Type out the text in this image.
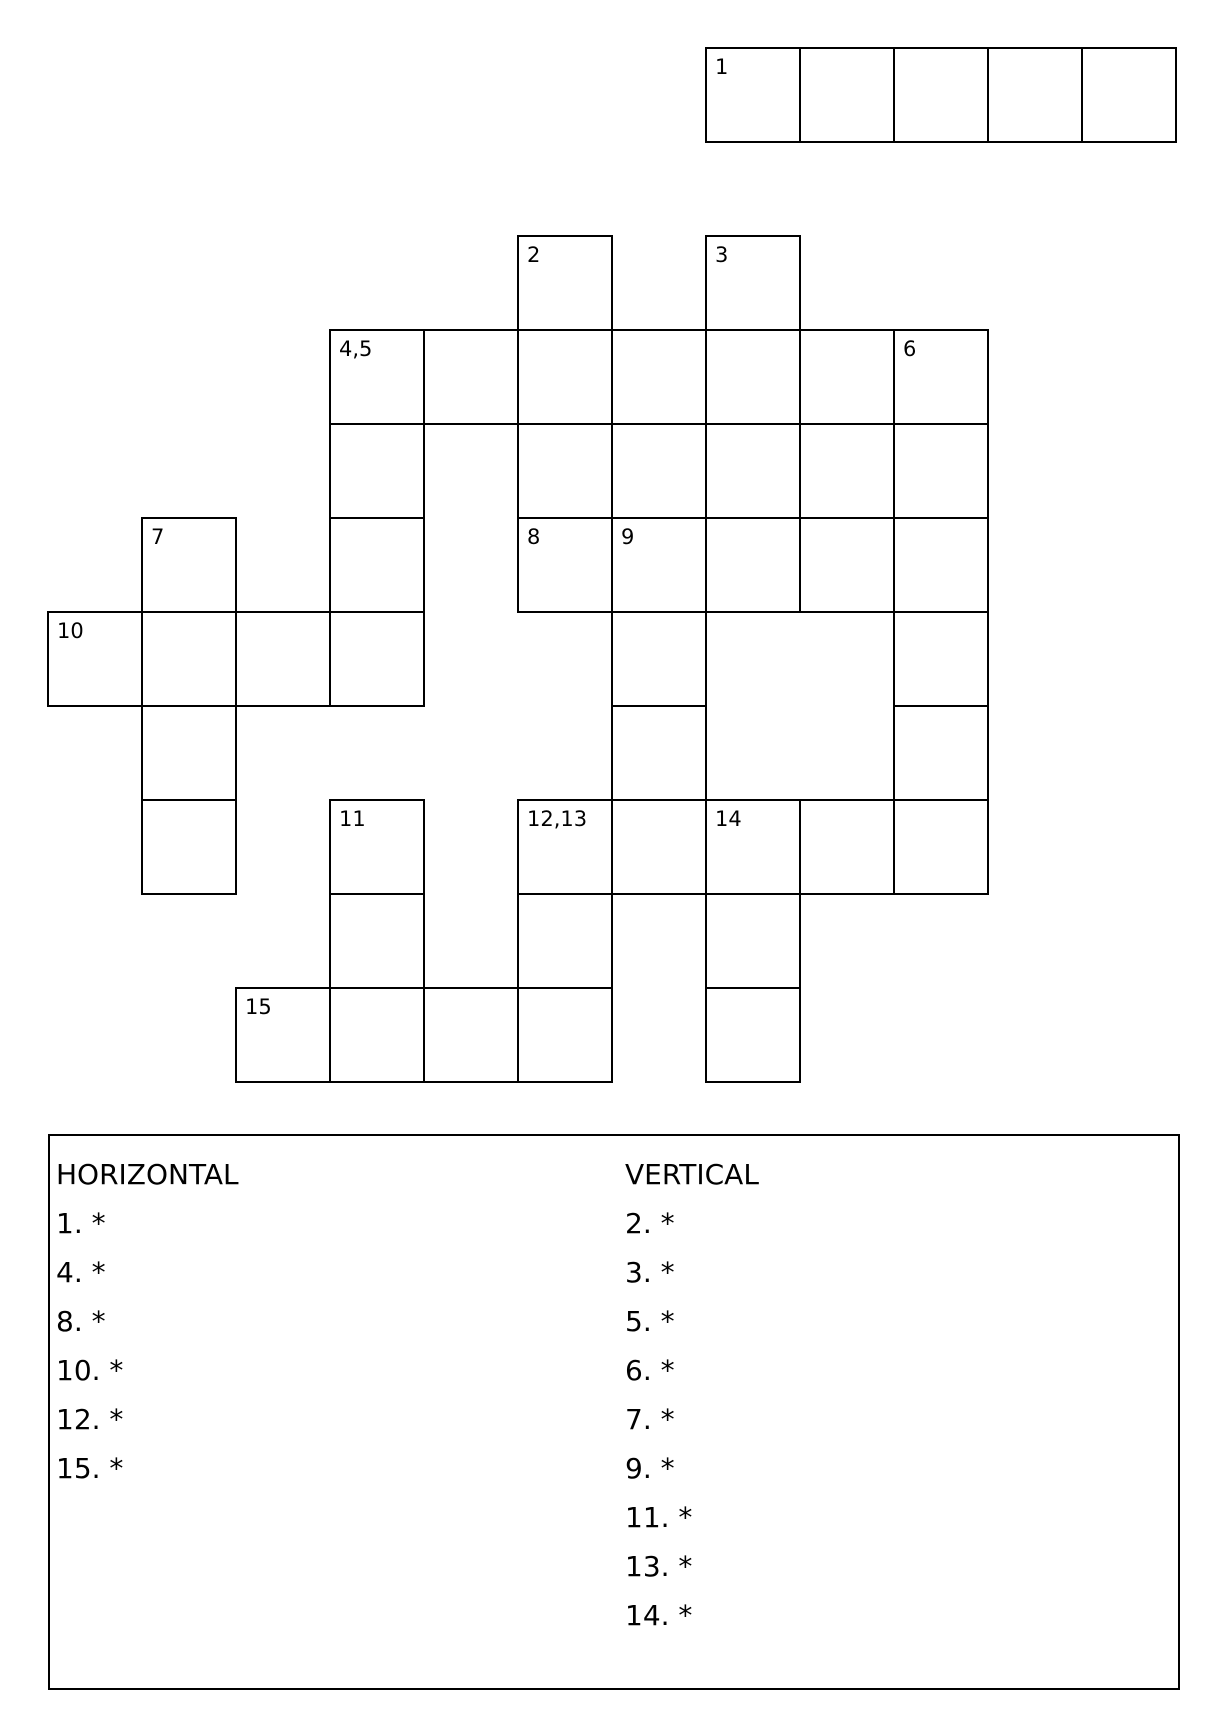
1
2	3
4,5	6
7	8	9
10
11	12,13	14
15
HORIZONTAL
1. *
4. *
8. *
10. *
12. *
15. *
VERTICAL
2. *
3. *
5. *
6. *
7. *
9. *
11. *
13. *
14. *
